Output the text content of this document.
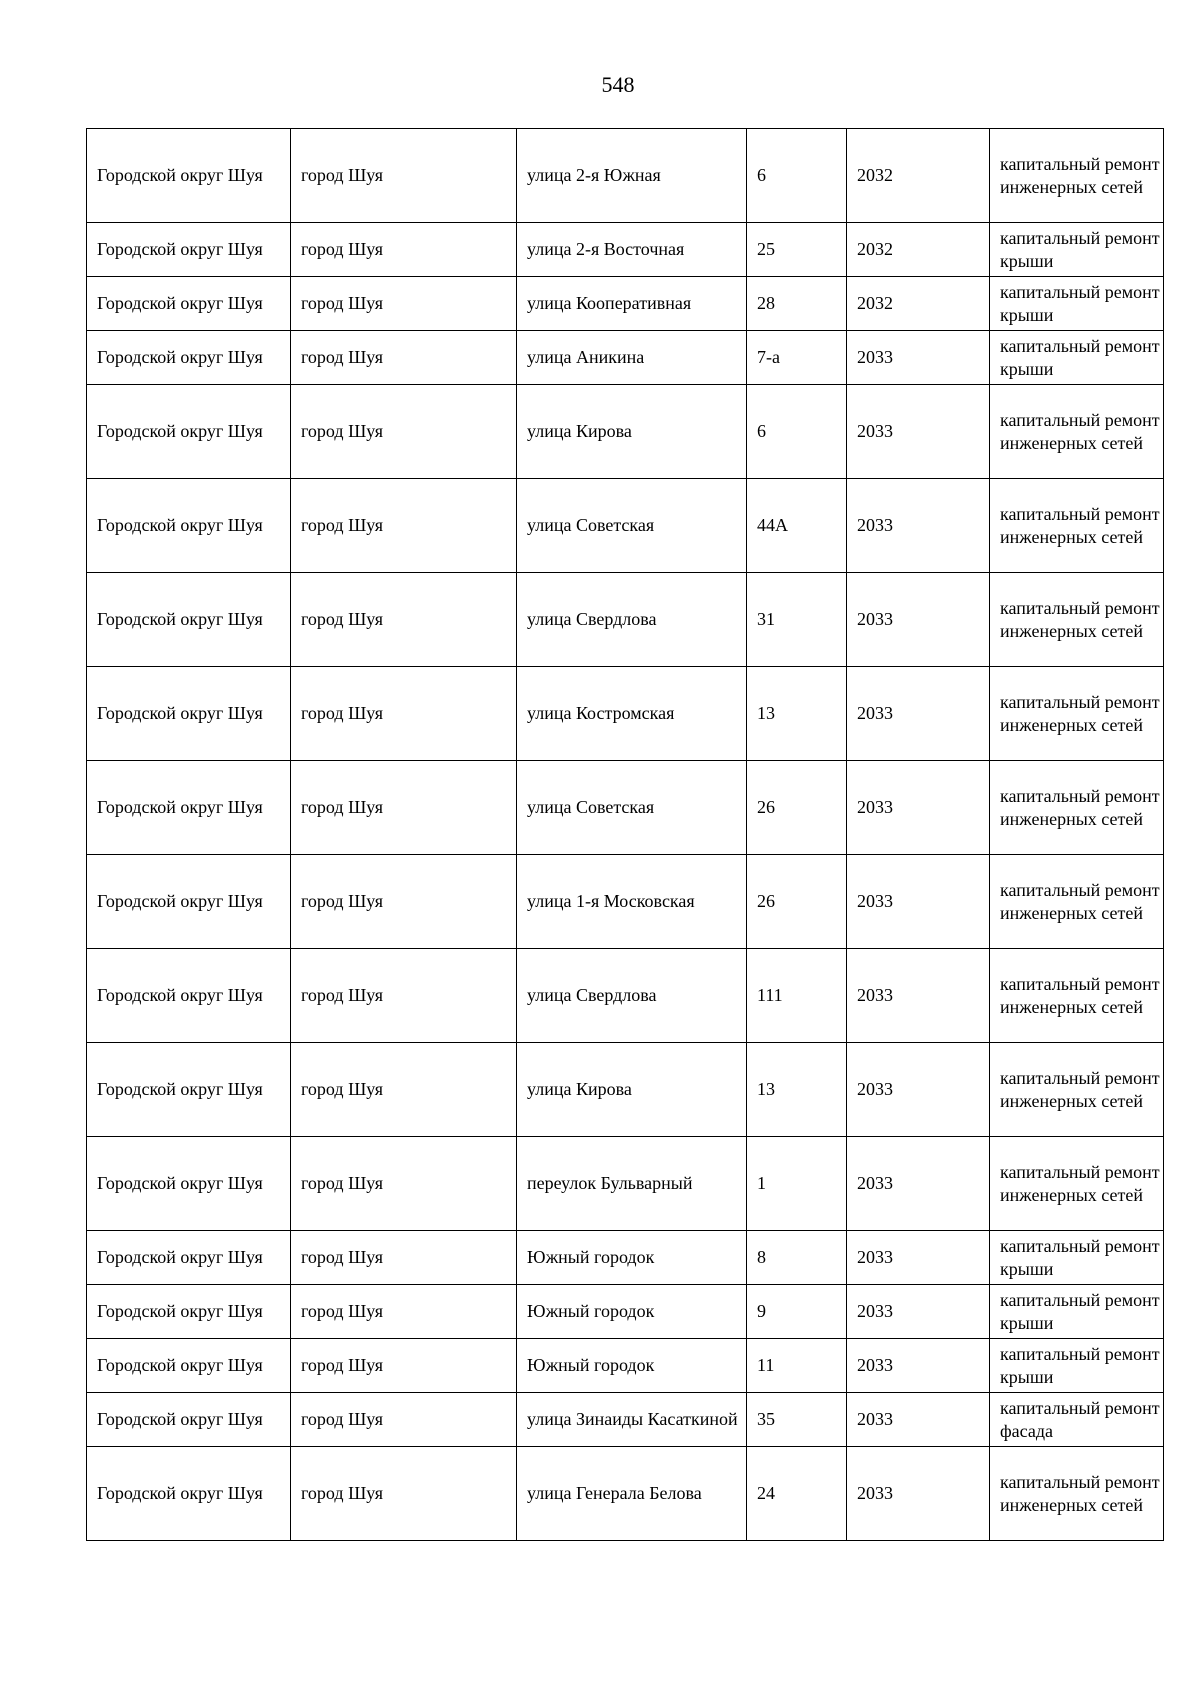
548
Городской округ Шуя	город Шуя	улица 2-я Южная	6	2032	капитальный ремонт инженерных сетей
Городской округ Шуя	город Шуя	улица 2-я Восточная	25	2032	капитальный ремонт крыши
Городской округ Шуя	город Шуя	улица Кооперативная	28	2032	капитальный ремонт крыши
Городской округ Шуя	город Шуя	улица Аникина	7-а	2033	капитальный ремонт крыши
Городской округ Шуя	город Шуя	улица Кирова	6	2033	капитальный ремонт инженерных сетей
Городской округ Шуя	город Шуя	улица Советская	44А	2033	капитальный ремонт инженерных сетей
Городской округ Шуя	город Шуя	улица Свердлова	31	2033	капитальный ремонт инженерных сетей
Городской округ Шуя	город Шуя	улица Костромская	13	2033	капитальный ремонт инженерных сетей
Городской округ Шуя	город Шуя	улица Советская	26	2033	капитальный ремонт инженерных сетей
Городской округ Шуя	город Шуя	улица 1-я Московская	26	2033	капитальный ремонт инженерных сетей
Городской округ Шуя	город Шуя	улица Свердлова	111	2033	капитальный ремонт инженерных сетей
Городской округ Шуя	город Шуя	улица Кирова	13	2033	капитальный ремонт инженерных сетей
Городской округ Шуя	город Шуя	переулок Бульварный	1	2033	капитальный ремонт инженерных сетей
Городской округ Шуя	город Шуя	Южный городок	8	2033	капитальный ремонт крыши
Городской округ Шуя	город Шуя	Южный городок	9	2033	капитальный ремонт крыши
Городской округ Шуя	город Шуя	Южный городок	11	2033	капитальный ремонт крыши
Городской округ Шуя	город Шуя	улица Зинаиды Касаткиной	35	2033	капитальный ремонт фасада
Городской округ Шуя	город Шуя	улица Генерала Белова	24	2033	капитальный ремонт инженерных сетей
